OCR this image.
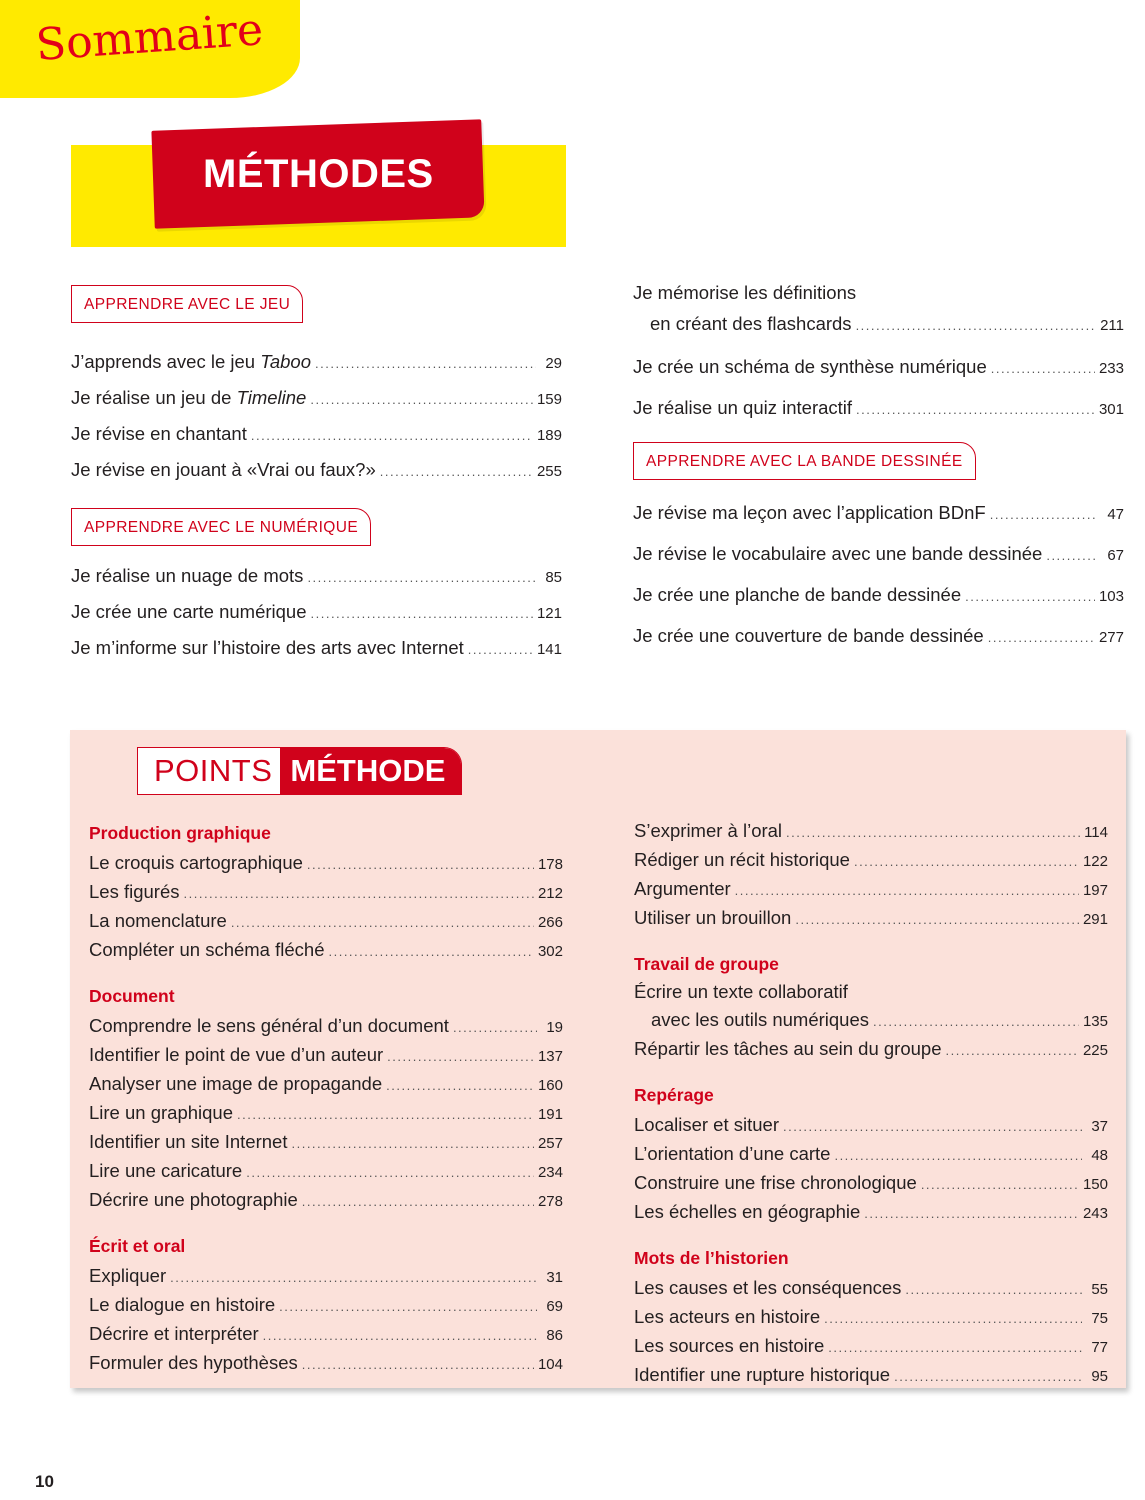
Sommaire
MÉTHODES
APPRENDRE AVEC LE JEU
J’apprends avec le jeu Taboo .....	29
Je réalise un jeu de Timeline .....	159
Je révise en chantant .....	189
Je révise en jouant à «Vrai ou faux?» .....	255
APPRENDRE AVEC LE NUMÉRIQUE
Je réalise un nuage de mots .....	85
Je crée une carte numérique .....	121
Je m’informe sur l’histoire des arts avec Internet .....	141
Je mémorise les définitions
en créant des flashcards .....	211
Je crée un schéma de synthèse numérique .....	233
Je réalise un quiz interactif .....	301
APPRENDRE AVEC LA BANDE DESSINÉE
Je révise ma leçon avec l’application BDnF .....	47
Je révise le vocabulaire avec une bande dessinée .....	67
Je crée une planche de bande dessinée .....	103
Je crée une couverture de bande dessinée .....	277
POINTS MÉTHODE
Production graphique
Le croquis cartographique .....	178
Les figurés .....	212
La nomenclature .....	266
Compléter un schéma fléché .....	302
Document
Comprendre le sens général d’un document .....	19
Identifier le point de vue d’un auteur .....	137
Analyser une image de propagande .....	160
Lire un graphique .....	191
Identifier un site Internet .....	257
Lire une caricature .....	234
Décrire une photographie .....	278
Écrit et oral
Expliquer .....	31
Le dialogue en histoire .....	69
Décrire et interpréter .....	86
Formuler des hypothèses .....	104
S’exprimer à l’oral .....	114
Rédiger un récit historique .....	122
Argumenter .....	197
Utiliser un brouillon .....	291
Travail de groupe
Écrire un texte collaboratif
avec les outils numériques .....	135
Répartir les tâches au sein du groupe .....	225
Repérage
Localiser et situer .....	37
L’orientation d’une carte .....	48
Construire une frise chronologique .....	150
Les échelles en géographie .....	243
Mots de l’historien
Les causes et les conséquences .....	55
Les acteurs en histoire .....	75
Les sources en histoire .....	77
Identifier une rupture historique .....	95
10
